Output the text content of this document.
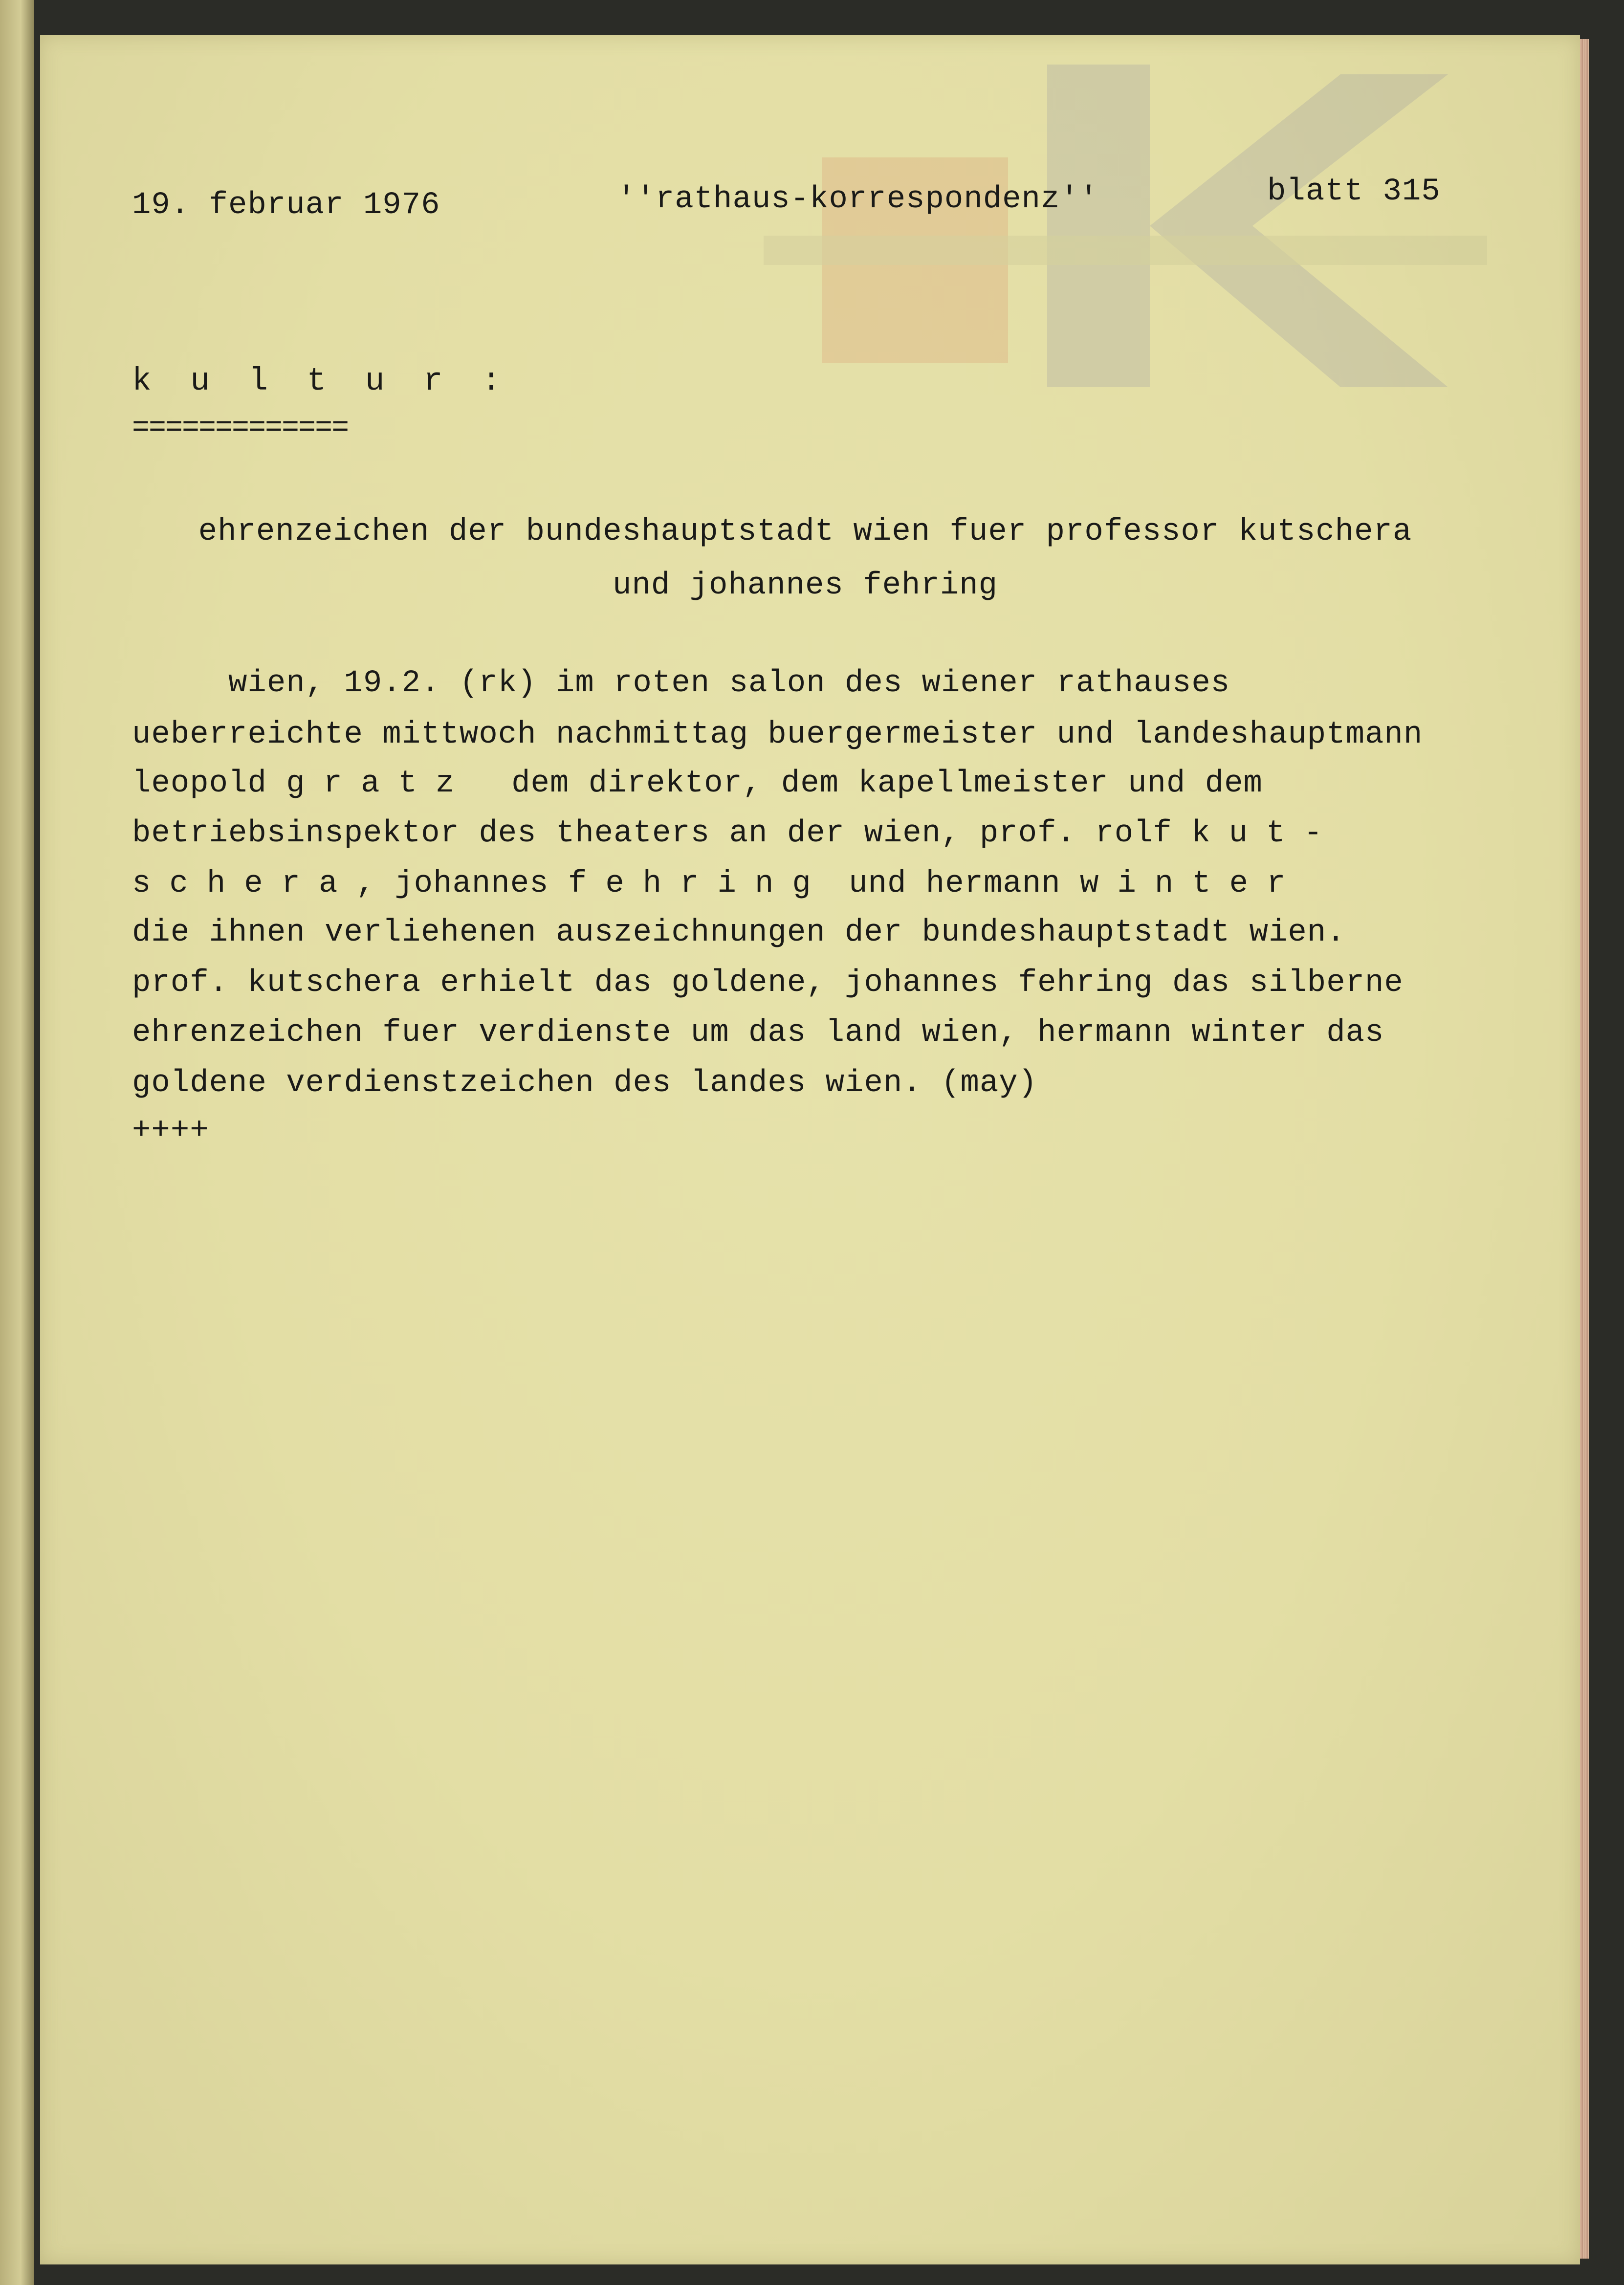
19. februar 1976	''rathaus-korrespondenz''	blatt 315
k u l t u r :
=============
ehrenzeichen der bundeshauptstadt wien fuer professor kutschera
und johannes fehring
wien, 19.2. (rk) im roten salon des wiener rathauses
ueberreichte mittwoch nachmittag buergermeister und landeshauptmann
leopold gratz  dem direktor, dem kapellmeister und dem
betriebsinspektor des theaters an der wien, prof. rolf kut-
schera, johannes fehring und hermann winter
die ihnen verliehenen auszeichnungen der bundeshauptstadt wien.
prof. kutschera erhielt das goldene, johannes fehring das silberne
ehrenzeichen fuer verdienste um das land wien, hermann winter das
goldene verdienstzeichen des landes wien. (may)
++++
